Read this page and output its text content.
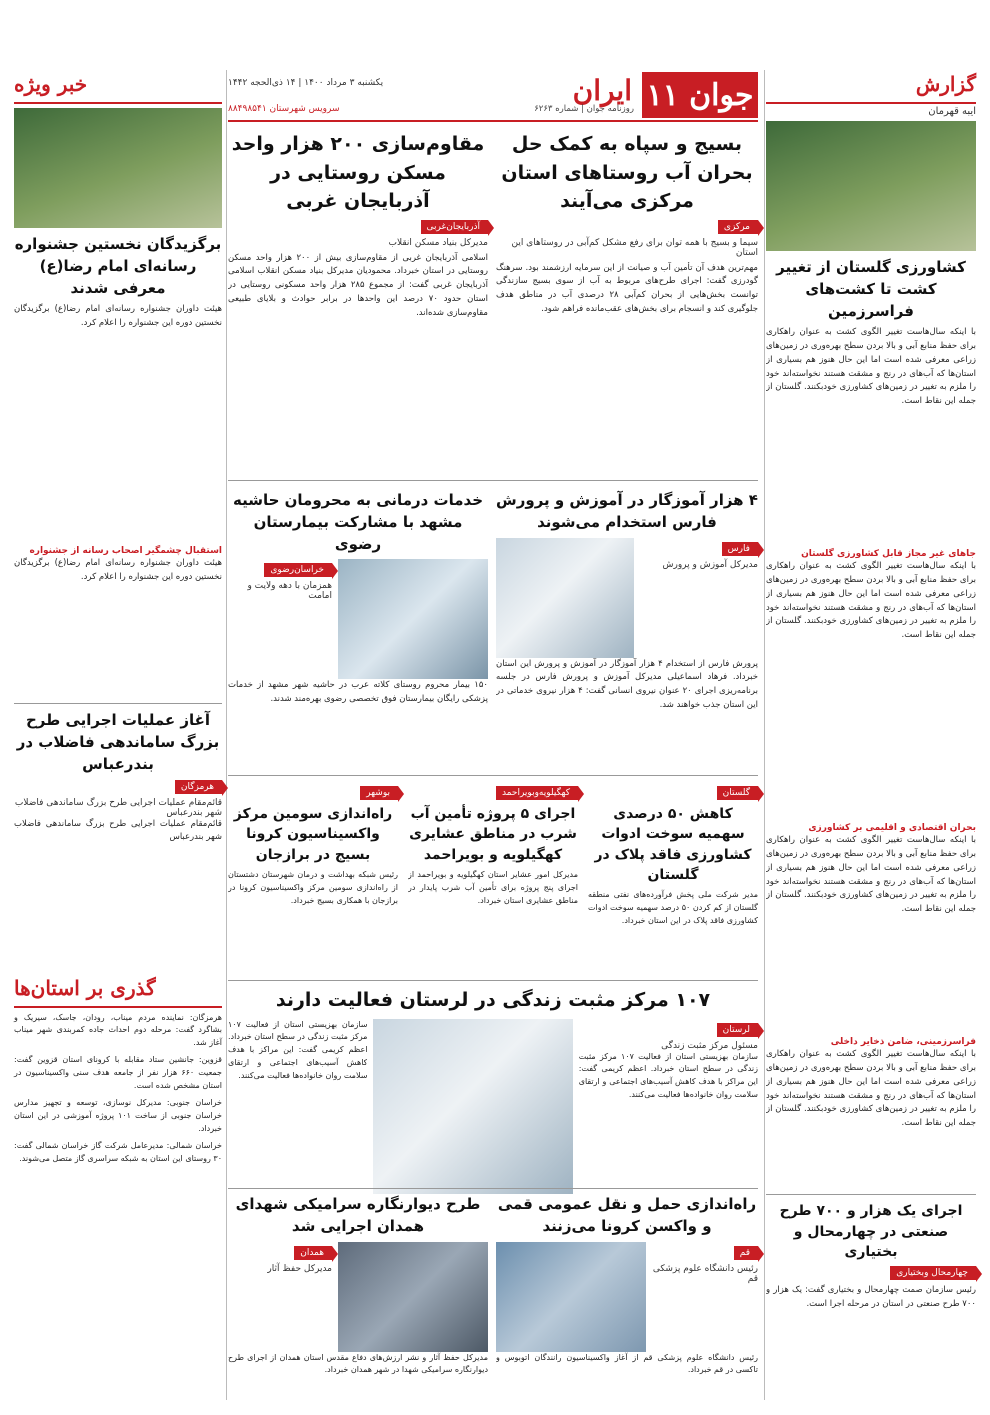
جوان ۱۱
ایران
یکشنبه ۳ مرداد ۱۴۰۰ | ۱۴ ذی‌الحجه ۱۴۴۲
روزنامه جوان | شماره ۶۲۶۳
سرویس شهرستان ۸۸۴۹۸۵۴۱
گزارش
ایبه قهرمان
کشاورزی گلستان از تغییر کشت تا کشت‌های فراسرزمین
با اینکه سال‌هاست تغییر الگوی کشت به عنوان راهکاری برای حفظ منابع آبی و بالا بردن سطح بهره‌وری در زمین‌های زراعی معرفی شده است اما این حال هنوز هم بسیاری از استان‌ها که آب‌های در رنج و مشقت هستند نخواسته‌اند خود را ملزم به تغییر در زمین‌های کشاورزی خودبکنند. گلستان از جمله این نقاط است.
جاهای غیر مجاز قابل کشاورزی گلستان
با اینکه سال‌هاست تغییر الگوی کشت به عنوان راهکاری برای حفظ منابع آبی و بالا بردن سطح بهره‌وری در زمین‌های زراعی معرفی شده است اما این حال هنوز هم بسیاری از استان‌ها که آب‌های در رنج و مشقت هستند نخواسته‌اند خود را ملزم به تغییر در زمین‌های کشاورزی خودبکنند. گلستان از جمله این نقاط است.
بحران اقتصادی و اقلیمی بر کشاورزی
با اینکه سال‌هاست تغییر الگوی کشت به عنوان راهکاری برای حفظ منابع آبی و بالا بردن سطح بهره‌وری در زمین‌های زراعی معرفی شده است اما این حال هنوز هم بسیاری از استان‌ها که آب‌های در رنج و مشقت هستند نخواسته‌اند خود را ملزم به تغییر در زمین‌های کشاورزی خودبکنند. گلستان از جمله این نقاط است.
فراسرزمینی، ضامن ذخایر داخلی
با اینکه سال‌هاست تغییر الگوی کشت به عنوان راهکاری برای حفظ منابع آبی و بالا بردن سطح بهره‌وری در زمین‌های زراعی معرفی شده است اما این حال هنوز هم بسیاری از استان‌ها که آب‌های در رنج و مشقت هستند نخواسته‌اند خود را ملزم به تغییر در زمین‌های کشاورزی خودبکنند. گلستان از جمله این نقاط است.
اجرای یک هزار و ۷۰۰ طرح صنعتی در چهارمحال و بختیاری
چهارمحال وبختیاری
رئیس سازمان صمت چهارمحال و بختیاری گفت: یک هزار و ۷۰۰ طرح صنعتی در استان در مرحله اجرا است.
بسیج و سپاه به کمک حل بحران آب روستاهای استان مرکزی می‌آیند
مرکزی
سیما و بسیج با همه توان برای رفع مشکل کم‌آبی در روستاهای این استان
مهم‌ترین هدف آن تأمین آب و صیانت از این سرمایه ارزشمند بود. سرهنگ گودرزی گفت: اجرای طرح‌های مربوط به آب از سوی بسیج سازندگی توانست بخش‌هایی از بحران کم‌آبی ۲۸ درصدی آب در مناطق هدف جلوگیری کند و انسجام برای بخش‌های عقب‌مانده فراهم شود.
مقاوم‌سازی ۲۰۰ هزار واحد مسکن روستایی در آذربایجان غربی
آذربایجان‌غربی
مدیرکل بنیاد مسکن انقلاب
اسلامی آذربایجان غربی از مقاوم‌سازی بیش از ۲۰۰ هزار واحد مسکن روستایی در استان خبرداد. محمودیان مدیرکل بنیاد مسکن انقلاب اسلامی آذربایجان غربی گفت: از مجموع ۲۸۵ هزار واحد مسکونی روستایی در استان حدود ۷۰ درصد این واحدها در برابر حوادث و بلایای طبیعی مقاوم‌سازی شده‌اند.
۴ هزار آموزگار در آموزش و پرورش فارس استخدام می‌شوند
فارس
مدیرکل آموزش و پرورش
پرورش فارس از استخدام ۴ هزار آموزگار در آموزش و پرورش این استان خبرداد. فرهاد اسماعیلی مدیرکل آموزش و پرورش فارس در جلسه برنامه‌ریزی اجرای ۲۰ عنوان نیروی انسانی گفت: ۴ هزار نیروی خدماتی در این استان جذب خواهند شد.
خدمات درمانی به محرومان حاشیه مشهد با مشارکت بیمارستان رضوی
خراسان‌رضوی
همزمان با دهه ولایت و امامت
۱۵۰ بیمار محروم روستای کلاته عرب در حاشیه شهر مشهد از خدمات پزشکی رایگان بیمارستان فوق تخصصی رضوی بهره‌مند شدند.
گلستان
کاهش ۵۰ درصدی سهمیه سوخت ادوات کشاورزی فاقد پلاک در گلستان
مدیر شرکت ملی پخش فرآورده‌های نفتی منطقه گلستان از کم کردن ۵۰ درصد سهمیه سوخت ادوات کشاورزی فاقد پلاک در این استان خبرداد.
کهگیلویه‌وبویراحمد
اجرای ۵ پروژه تأمین آب شرب در مناطق عشایری کهگیلویه و بویراحمد
مدیرکل امور عشایر استان کهگیلویه و بویراحمد از اجرای پنج پروژه برای تأمین آب شرب پایدار در مناطق عشایری استان خبرداد.
بوشهر
راه‌اندازی سومین مرکز واکسیناسیون کرونا بسیج در برازجان
رئیس شبکه بهداشت و درمان شهرستان دشتستان از راه‌اندازی سومین مرکز واکسیناسیون کرونا در برازجان با همکاری بسیج خبرداد.
۱۰۷ مرکز مثبت زندگی در لرستان فعالیت دارند
لرستان
مسئول مرکز مثبت زندگی
سازمان بهزیستی استان از فعالیت ۱۰۷ مرکز مثبت زندگی در سطح استان خبرداد. اعظم کریمی گفت: این مراکز با هدف کاهش آسیب‌های اجتماعی و ارتقای سلامت روان خانواده‌ها فعالیت می‌کنند.
سازمان بهزیستی استان از فعالیت ۱۰۷ مرکز مثبت زندگی در سطح استان خبرداد. اعظم کریمی گفت: این مراکز با هدف کاهش آسیب‌های اجتماعی و ارتقای سلامت روان خانواده‌ها فعالیت می‌کنند.
راه‌اندازی حمل و نقل عمومی قمی و واکسن کرونا می‌زنند
قم
رئیس دانشگاه علوم پزشکی قم
رئیس دانشگاه علوم پزشکی قم از آغاز واکسیناسیون رانندگان اتوبوس و تاکسی در قم خبرداد.
طرح دیوارنگاره سرامیکی شهدای همدان اجرایی شد
همدان
مدیرکل حفظ آثار
مدیرکل حفظ آثار و نشر ارزش‌های دفاع مقدس استان همدان از اجرای طرح دیوارنگاره سرامیکی شهدا در شهر همدان خبرداد.
خبر ویژه
برگزیدگان نخستین جشنواره رسانه‌ای امام رضا(ع) معرفی شدند
هیئت داوران جشنواره رسانه‌ای امام رضا(ع) برگزیدگان نخستین دوره این جشنواره را اعلام کرد.
استقبال چشمگیر اصحاب رسانه از جشنواره
هیئت داوران جشنواره رسانه‌ای امام رضا(ع) برگزیدگان نخستین دوره این جشنواره را اعلام کرد.
آغاز عملیات اجرایی طرح بزرگ ساماندهی فاضلاب در بندرعباس
هرمزگان
قائم‌مقام عملیات اجرایی طرح بزرگ ساماندهی فاضلاب شهر بندرعباس
قائم‌مقام عملیات اجرایی طرح بزرگ ساماندهی فاضلاب شهر بندرعباس
گذری بر استان‌ها
هرمزگان: نماینده مردم میناب، رودان، جاسک، سیریک و بشاگرد گفت: مرحله دوم احداث جاده کمربندی شهر میناب آغاز شد.
قزوین: جانشین ستاد مقابله با کرونای استان قزوین گفت: جمعیت ۶۶۰ هزار نفر از جامعه هدف سنی واکسیناسیون در استان مشخص شده است.
خراسان جنوبی: مدیرکل نوسازی، توسعه و تجهیز مدارس خراسان جنوبی از ساخت ۱۰۱ پروژه آموزشی در این استان خبرداد.
خراسان شمالی: مدیرعامل شرکت گاز خراسان شمالی گفت: ۳۰ روستای این استان به شبکه سراسری گاز متصل می‌شوند.
